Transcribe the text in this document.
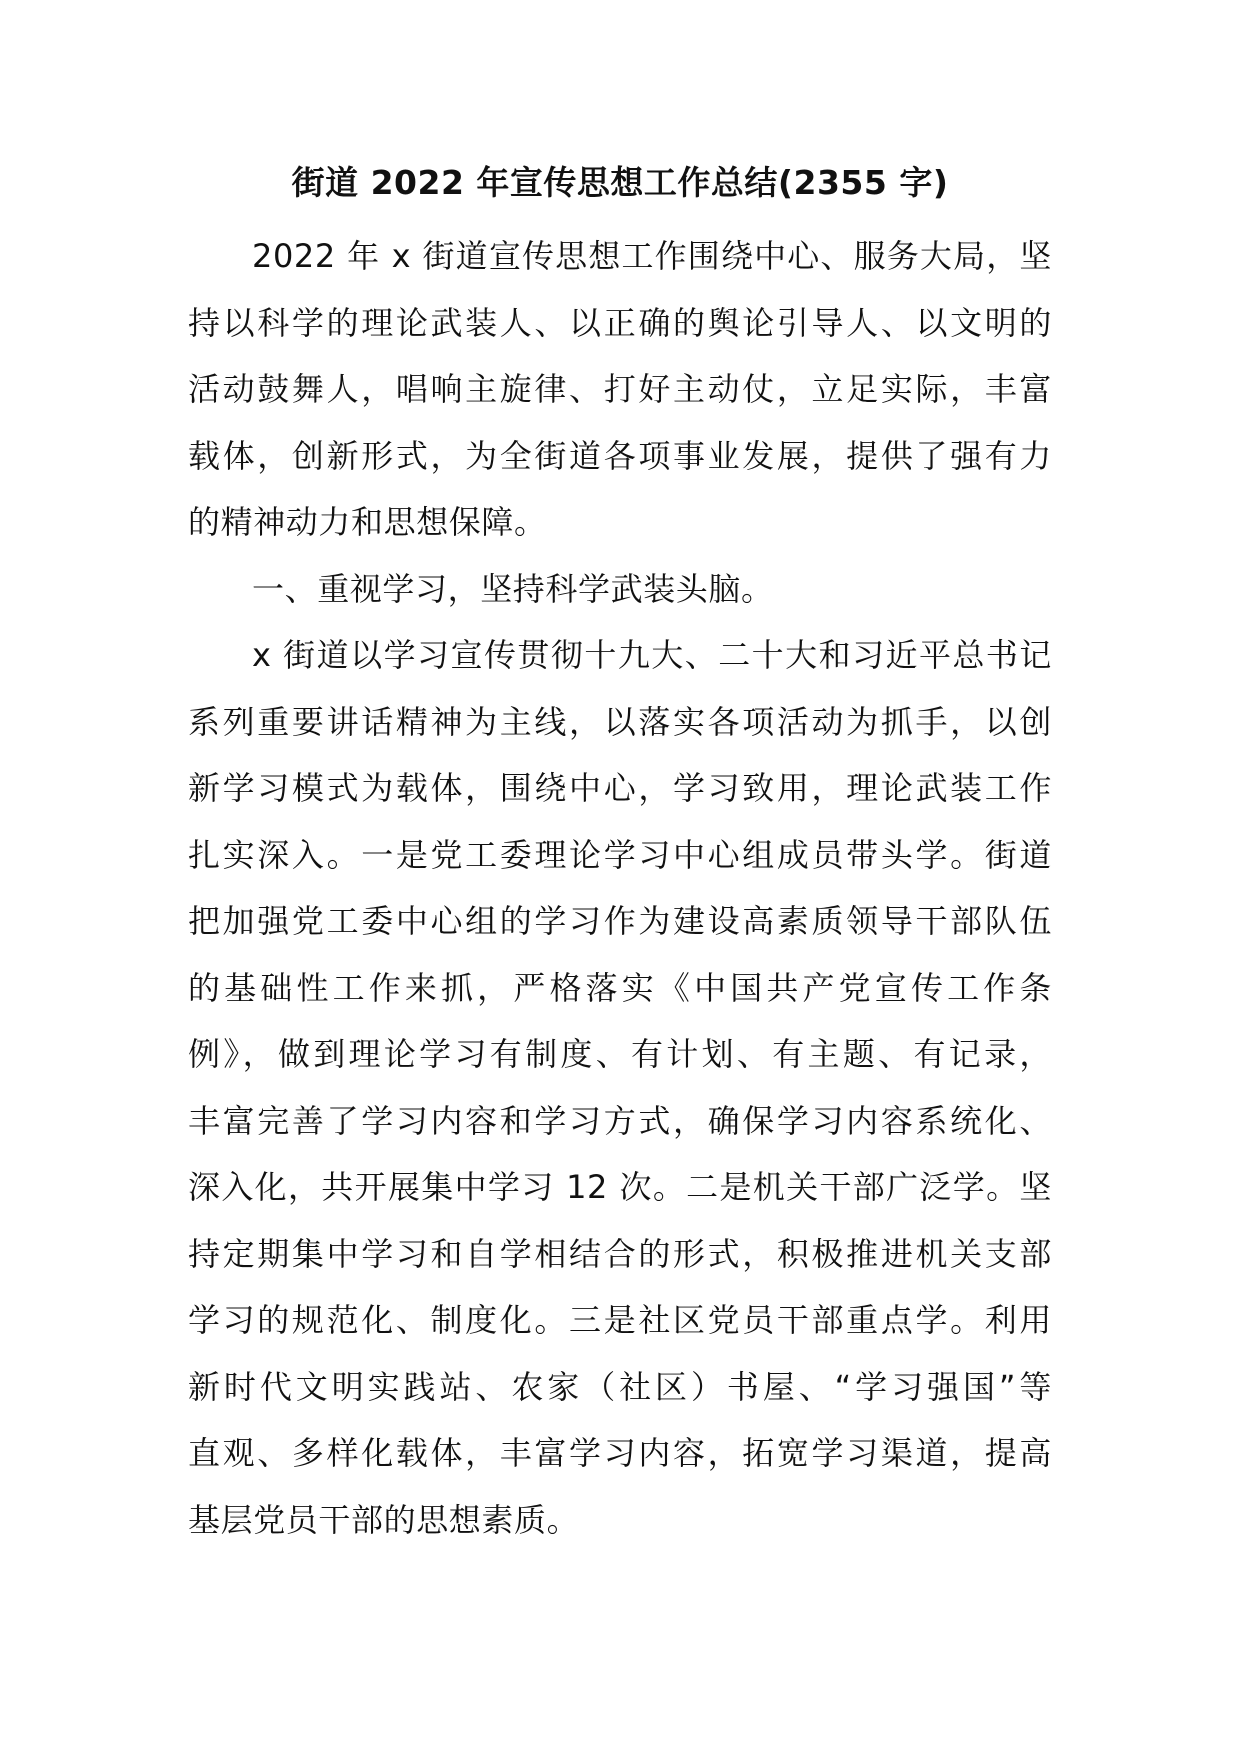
街道 2022 年宣传思想工作总结(2355 字)

2022 年 x 街道宣传思想工作围绕中心、服务大局，坚
持以科学的理论武装人、以正确的舆论引导人、以文明的
活动鼓舞人，唱响主旋律、打好主动仗，立足实际，丰富
载体，创新形式，为全街道各项事业发展，提供了强有力
的精神动力和思想保障。

一、重视学习，坚持科学武装头脑。

x 街道以学习宣传贯彻十九大、二十大和习近平总书记
系列重要讲话精神为主线，以落实各项活动为抓手，以创
新学习模式为载体，围绕中心，学习致用，理论武装工作
扎实深入。一是党工委理论学习中心组成员带头学。街道
把加强党工委中心组的学习作为建设高素质领导干部队伍
的基础性工作来抓，严格落实《中国共产党宣传工作条
例》，做到理论学习有制度、有计划、有主题、有记录，
丰富完善了学习内容和学习方式，确保学习内容系统化、
深入化，共开展集中学习 12 次。二是机关干部广泛学。坚
持定期集中学习和自学相结合的形式，积极推进机关支部
学习的规范化、制度化。三是社区党员干部重点学。利用
新时代文明实践站、农家（社区）书屋、“学习强国”等
直观、多样化载体，丰富学习内容，拓宽学习渠道，提高
基层党员干部的思想素质。
